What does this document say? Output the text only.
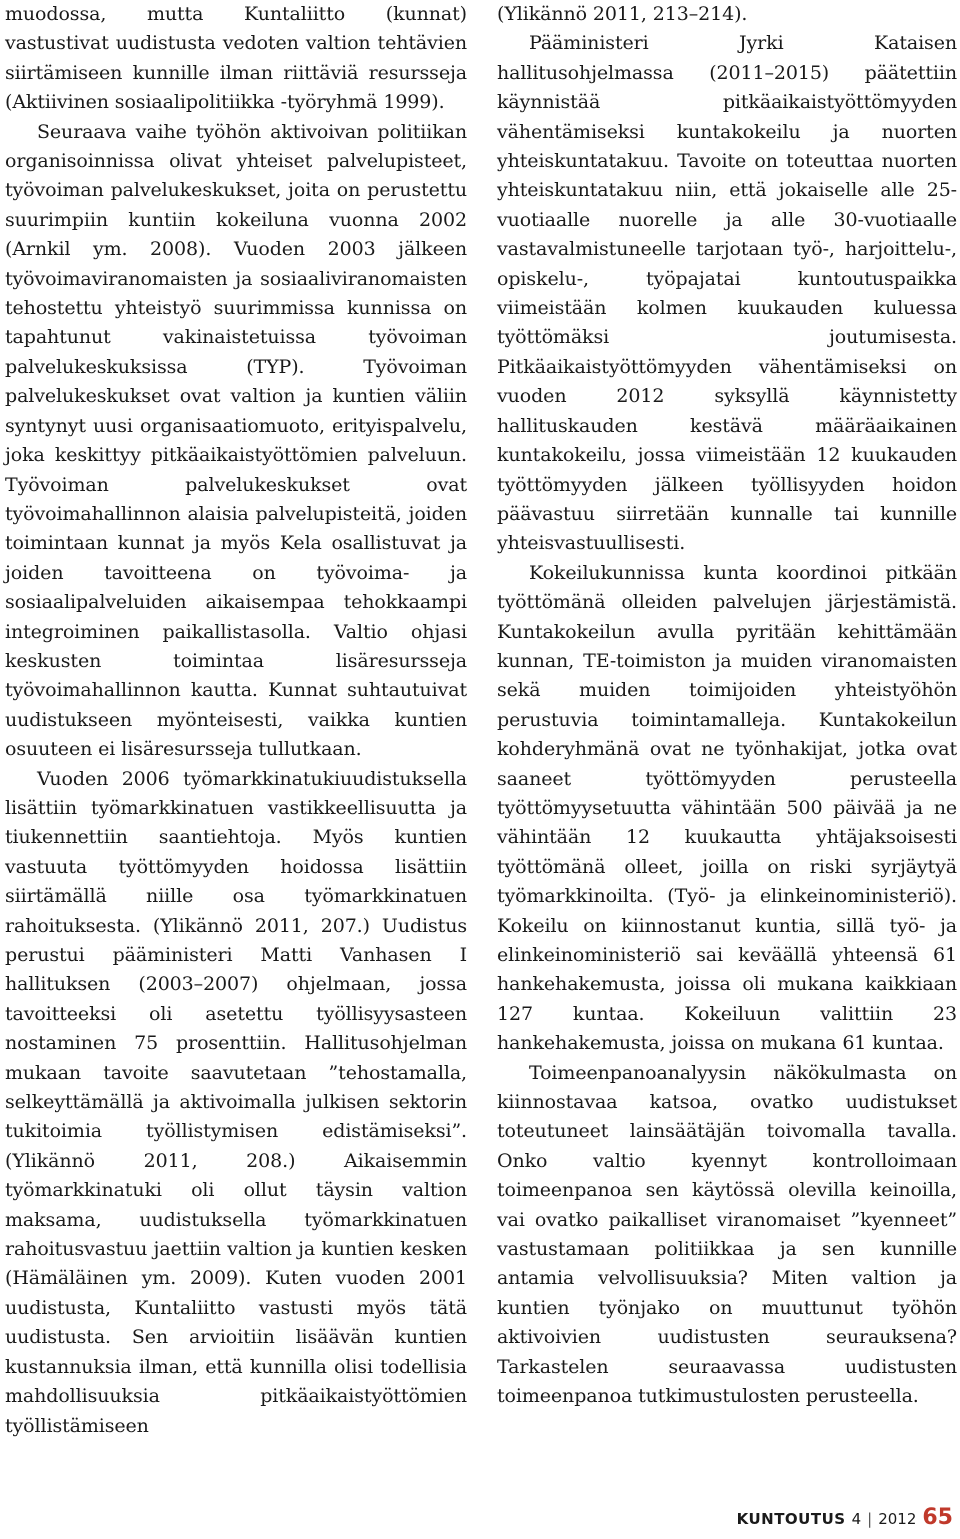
muodossa, mutta Kuntaliitto (kunnat) vastustivat uudistusta vedoten valtion tehtävien siirtämiseen kunnille ilman riittäviä resursseja (Aktiivinen sosiaalipolitiikka -työryhmä 1999).

Seuraava vaihe työhön aktivoivan politiikan organisoinnissa olivat yhteiset palvelupisteet, työvoiman palvelukeskukset, joita on perustettu suurimpiin kuntiin kokeiluna vuonna 2002 (Arnkil ym. 2008). Vuoden 2003 jälkeen työvoimaviranomaisten ja sosiaaliviranomaisten tehostettu yhteistyö suurimmissa kunnissa on tapahtunut vakinaistetuissa työvoiman palvelukeskuksissa (TYP). Työvoiman palvelukeskukset ovat valtion ja kuntien väliin syntynyt uusi organisaatiomuoto, erityispalvelu, joka keskittyy pitkäaikaistyöttömien palveluun. Työvoiman palvelukeskukset ovat työvoimahallinnon alaisia palvelupisteitä, joiden toimintaan kunnat ja myös Kela osallistuvat ja joiden tavoitteena on työvoima- ja sosiaalipalveluiden aikaisempaa tehokkaampi integroiminen paikallistasolla. Valtio ohjasi keskusten toimintaa lisäresursseja työvoimahallinnon kautta. Kunnat suhtautuivat uudistukseen myönteisesti, vaikka kuntien osuuteen ei lisäresursseja tullutkaan.

Vuoden 2006 työmarkkinatukiuudistuksella lisättiin työmarkkinatuen vastikkeellisuutta ja tiukennettiin saantiehtoja. Myös kuntien vastuuta työttömyyden hoidossa lisättiin siirtämällä niille osa työmarkkinatuen rahoituksesta. (Ylikännö 2011, 207.) Uudistus perustui pääministeri Matti Vanhasen I hallituksen (2003–2007) ohjelmaan, jossa tavoitteeksi oli asetettu työllisyysasteen nostaminen 75 prosenttiin. Hallitusohjelman mukaan tavoite saavutetaan ”tehostamalla, selkeyttämällä ja aktivoimalla julkisen sektorin tukitoimia työllistymisen edistämiseksi”. (Ylikännö 2011, 208.) Aikaisemmin työmarkkinatuki oli ollut täysin valtion maksama, uudistuksella työmarkkinatuen rahoitusvastuu jaettiin valtion ja kuntien kesken (Hämäläinen ym. 2009). Kuten vuoden 2001 uudistusta, Kuntaliitto vastusti myös tätä uudistusta. Sen arvioitiin lisäävän kuntien kustannuksia ilman, että kunnilla olisi todellisia mahdollisuuksia pitkäaikaistyöttömien työllistämiseen

(Ylikännö 2011, 213–214).

Pääministeri Jyrki Kataisen hallitusohjelmassa (2011–2015) päätettiin käynnistää pitkäaikaistyöttömyyden vähentämiseksi kuntakokeilu ja nuorten yhteiskuntatakuu. Tavoite on toteuttaa nuorten yhteiskuntatakuu niin, että jokaiselle alle 25-vuotiaalle nuorelle ja alle 30-vuotiaalle vastavalmistuneelle tarjotaan työ-, harjoittelu-, opiskelu-, työpajatai kuntoutuspaikka viimeistään kolmen kuukauden kuluessa työttömäksi joutumisesta. Pitkäaikaistyöttömyyden vähentämiseksi on vuoden 2012 syksyllä käynnistetty hallituskauden kestävä määräaikainen kuntakokeilu, jossa viimeistään 12 kuukauden työttömyyden jälkeen työllisyyden hoidon päävastuu siirretään kunnalle tai kunnille yhteisvastuullisesti.

Kokeilukunnissa kunta koordinoi pitkään työttömänä olleiden palvelujen järjestämistä. Kuntakokeilun avulla pyritään kehittämään kunnan, TE-toimiston ja muiden viranomaisten sekä muiden toimijoiden yhteistyöhön perustuvia toimintamalleja. Kuntakokeilun kohderyhmänä ovat ne työnhakijat, jotka ovat saaneet työttömyyden perusteella työttömyysetuutta vähintään 500 päivää ja ne vähintään 12 kuukautta yhtäjaksoisesti työttömänä olleet, joilla on riski syrjäytyä työmarkkinoilta. (Työ- ja elinkeinoministeriö). Kokeilu on kiinnostanut kuntia, sillä työ- ja elinkeinoministeriö sai keväällä yhteensä 61 hankehakemusta, joissa oli mukana kaikkiaan 127 kuntaa. Kokeiluun valittiin 23 hankehakemusta, joissa on mukana 61 kuntaa.

Toimeenpanoanalyysin näkökulmasta on kiinnostavaa katsoa, ovatko uudistukset toteutuneet lainsäätäjän toivomalla tavalla. Onko valtio kyennyt kontrolloimaan toimeenpanoa sen käytössä olevilla keinoilla, vai ovatko paikalliset viranomaiset ”kyenneet” vastustamaan politiikkaa ja sen kunnille antamia velvollisuuksia? Miten valtion ja kuntien työnjako on muuttunut työhön aktivoivien uudistusten seurauksena? Tarkastelen seuraavassa uudistusten toimeenpanoa tutkimustulosten perusteella.

KUNTOUTUS 4 | 2012 65
